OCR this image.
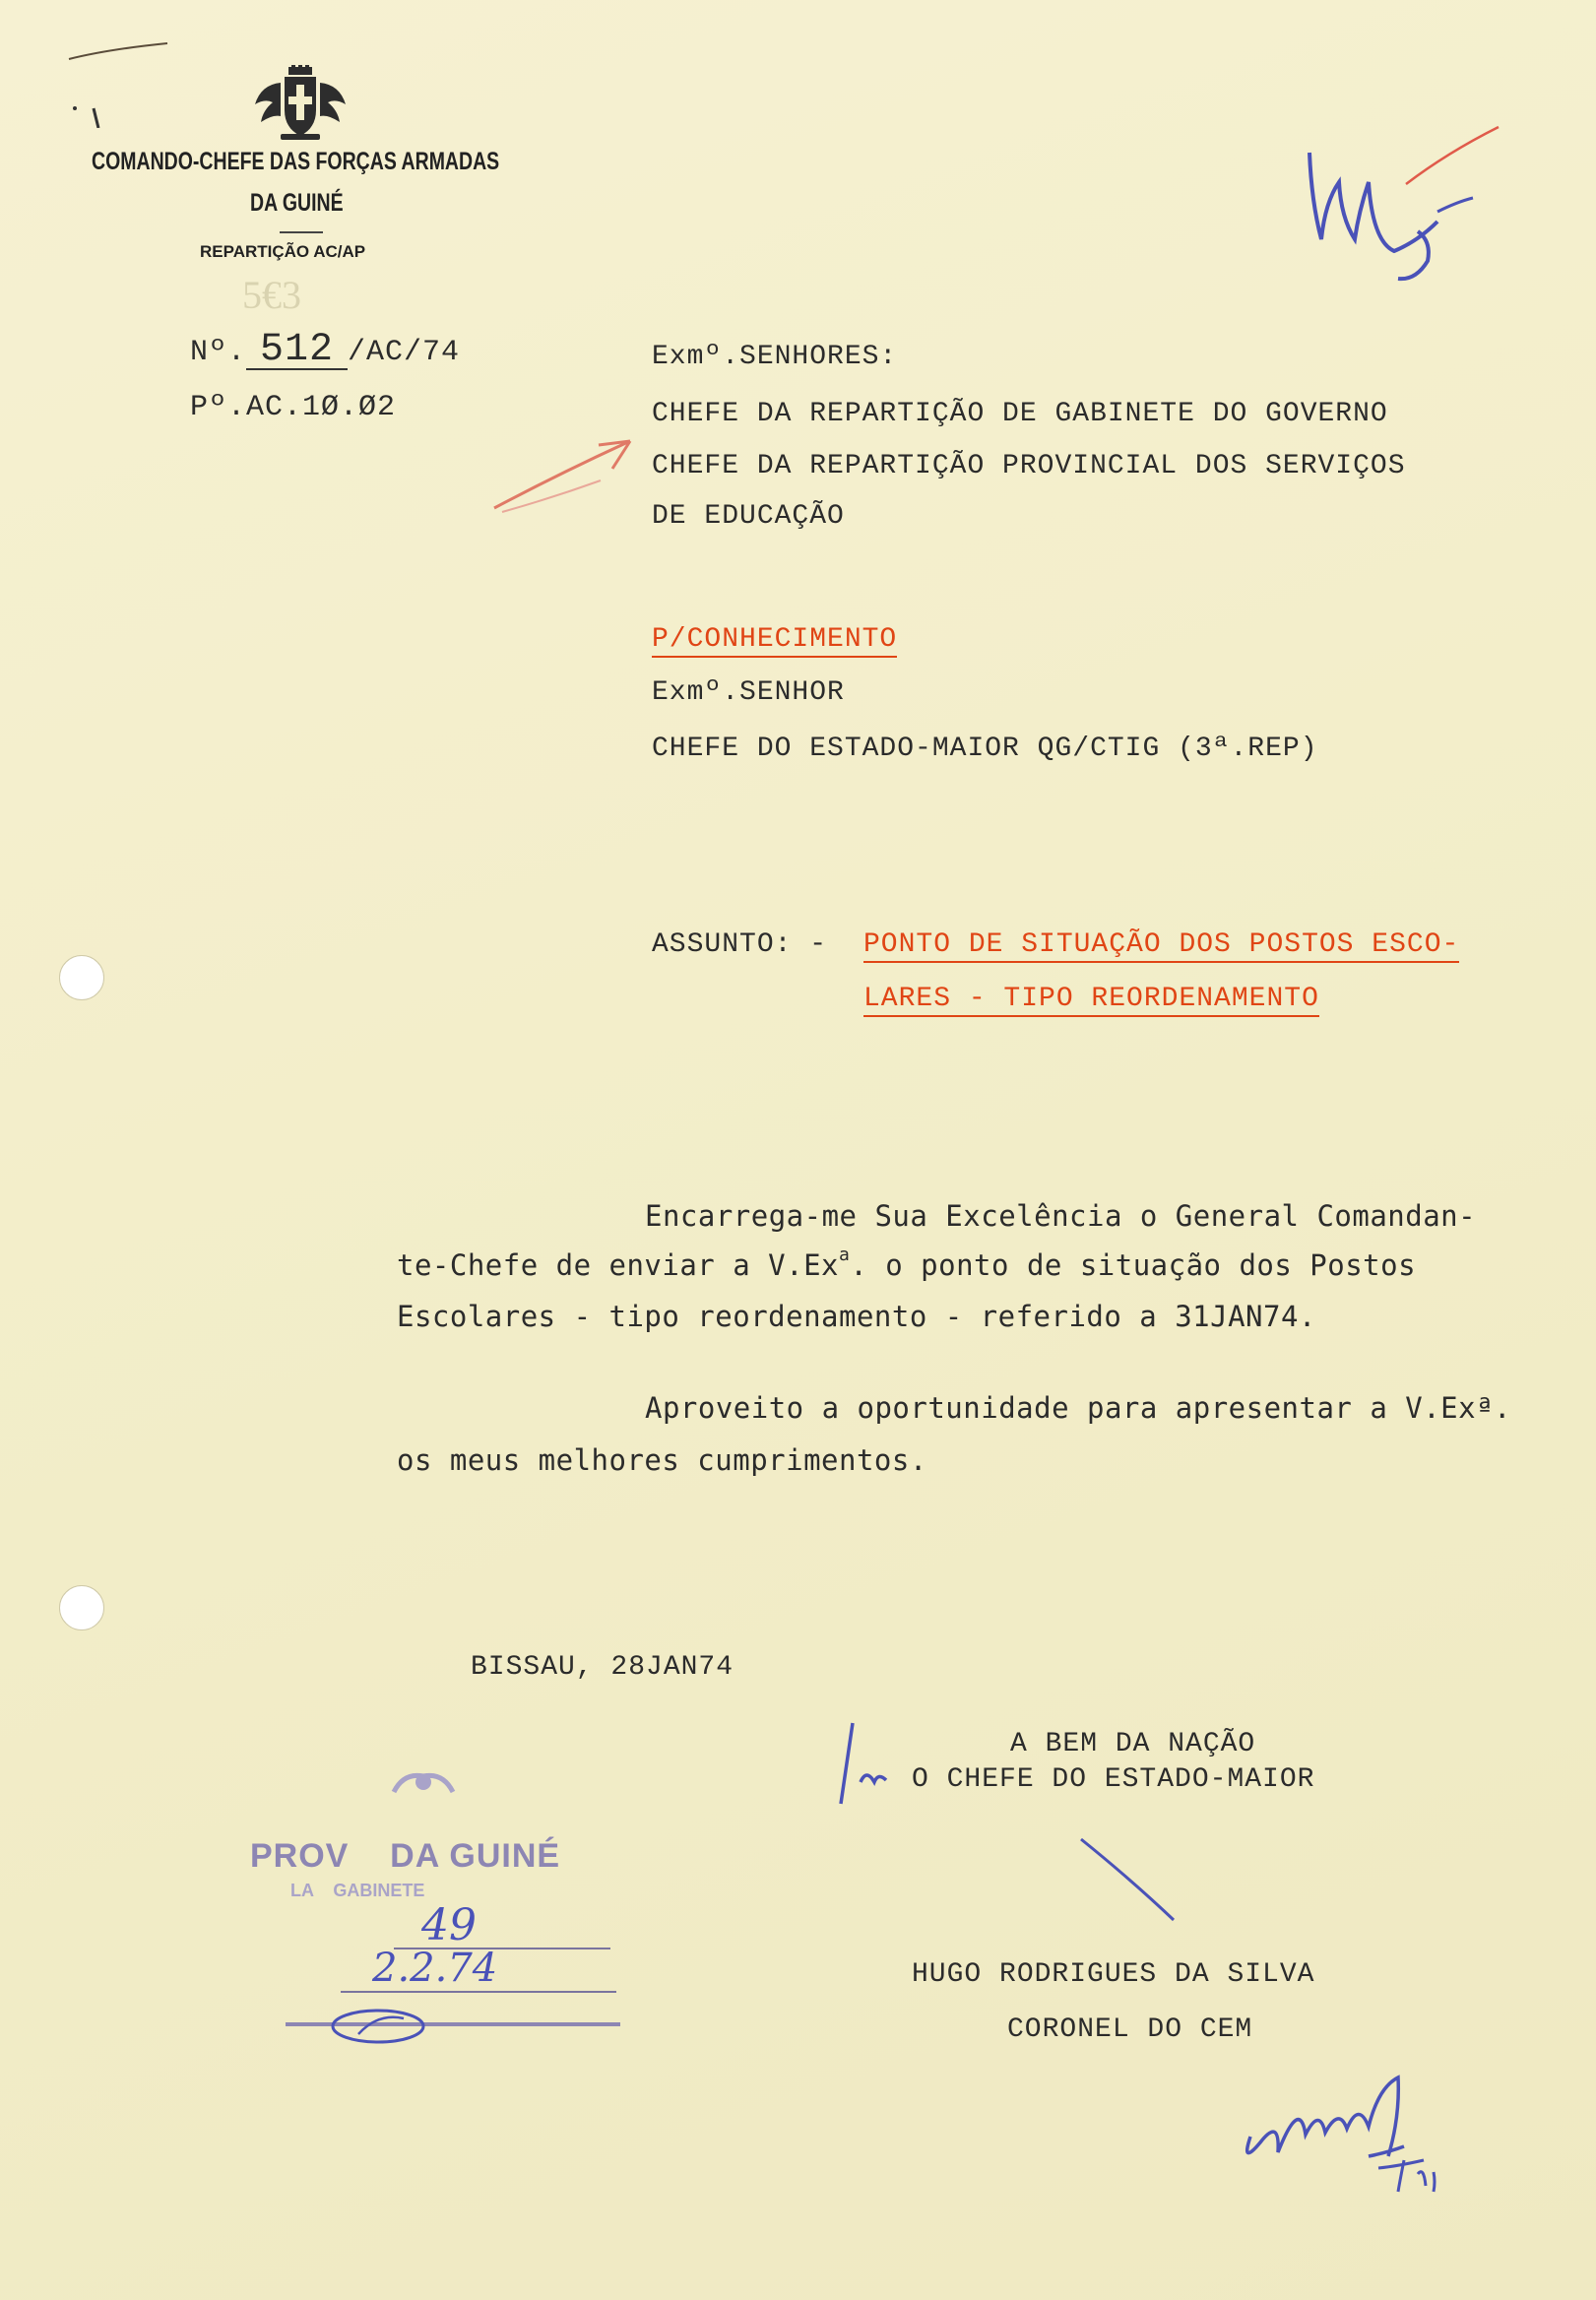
COMANDO-CHEFE DAS FORÇAS ARMADAS
DA GUINÉ
REPARTIÇÃO AC/AP
5€3
Nº. 512 /AC/74
Pº.AC.1Ø.Ø2
Exmº.SENHORES:
CHEFE DA REPARTIÇÃO DE GABINETE DO GOVERNO
CHEFE DA REPARTIÇÃO PROVINCIAL DOS SERVIÇOS
DE EDUCAÇÃO
P/CONHECIMENTO
Exmº.SENHOR
CHEFE DO ESTADO-MAIOR QG/CTIG (3ª.REP)
ASSUNTO: - PONTO DE SITUAÇÃO DOS POSTOS ESCO-
LARES - TIPO REORDENAMENTO
Encarrega-me Sua Excelência o General Comandan-
te-Chefe de enviar a V.Ex$^a$. o ponto de situação dos Postos
Escolares - tipo reordenamento - referido a 31JAN74.
Aproveito a oportunidade para apresentar a V.Exª.
os meus melhores cumprimentos.
BISSAU, 28JAN74
A BEM DA NAÇÃO
O CHEFE DO ESTADO-MAIOR
HUGO RODRIGUES DA SILVA
CORONEL DO CEM
PROV    DA GUINÉ
LA    GABINETE
49
2.2.74
